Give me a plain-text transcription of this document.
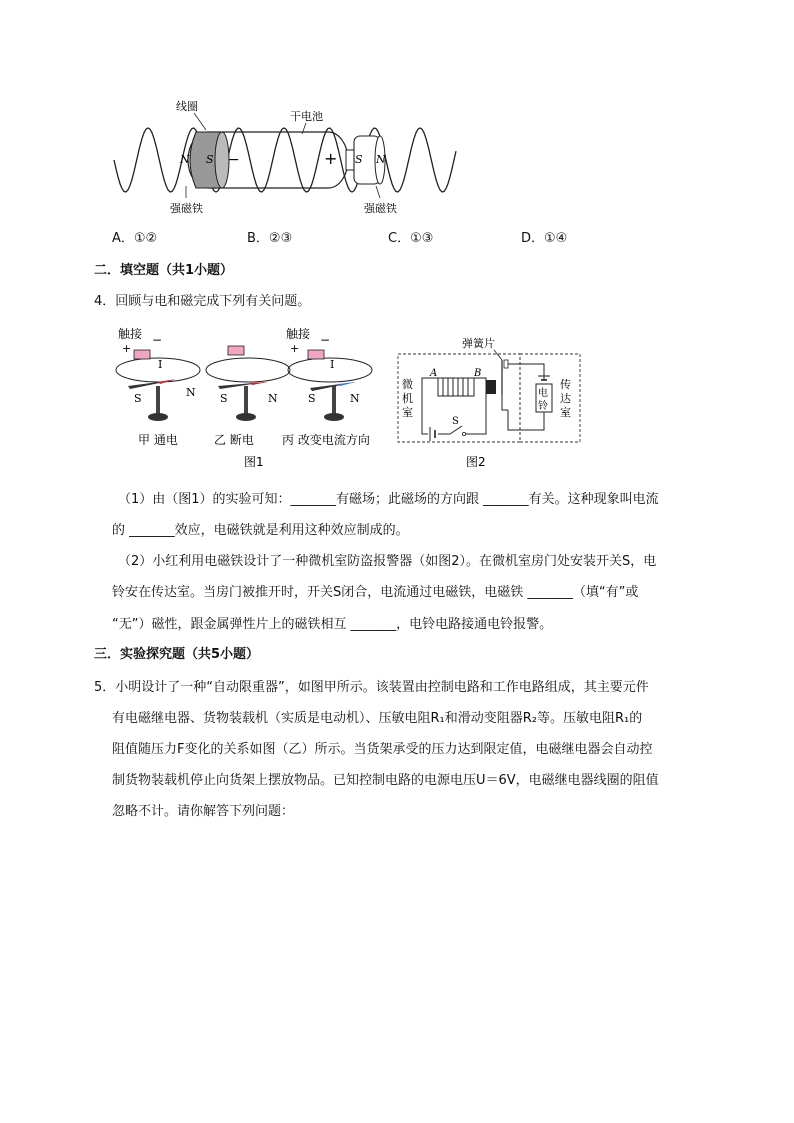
线圈
干电池
N S −	+ S N
强磁铁	强磁铁
A．①②	B．②③	C．①③	D．①④
二．填空题（共1小题）
4．回顾与电和磁完成下列有关问题。
触接
+
−
I
S	N
甲 通电
S	N
乙 断电
触接
+
−
I
S	N
丙 改变电流方向
图1
弹簧片
微
机
室
A	B
电
铃
传
达
室
S
图2
（1）由（图1）的实验可知：_______有磁场；此磁场的方向跟 _______有关。这种现象叫电流
的 _______效应，电磁铁就是利用这种效应制成的。
（2）小红利用电磁铁设计了一种微机室防盗报警器（如图2）。在微机室房门处安装开关S，电
铃安在传达室。当房门被推开时，开关S闭合，电流通过电磁铁，电磁铁 _______（填“有”或
“无”）磁性，跟金属弹性片上的磁铁相互 _______，电铃电路接通电铃报警。
三．实验探究题（共5小题）
5．小明设计了一种“自动限重器”，如图甲所示。该装置由控制电路和工作电路组成，其主要元件
有电磁继电器、货物装载机（实质是电动机）、压敏电阻R₁和滑动变阻器R₂等。压敏电阻R₁的
阻值随压力F变化的关系如图（乙）所示。当货架承受的压力达到限定值，电磁继电器会自动控
制货物装载机停止向货架上摆放物品。已知控制电路的电源电压U＝6V，电磁继电器线圈的阻值
忽略不计。请你解答下列问题：
